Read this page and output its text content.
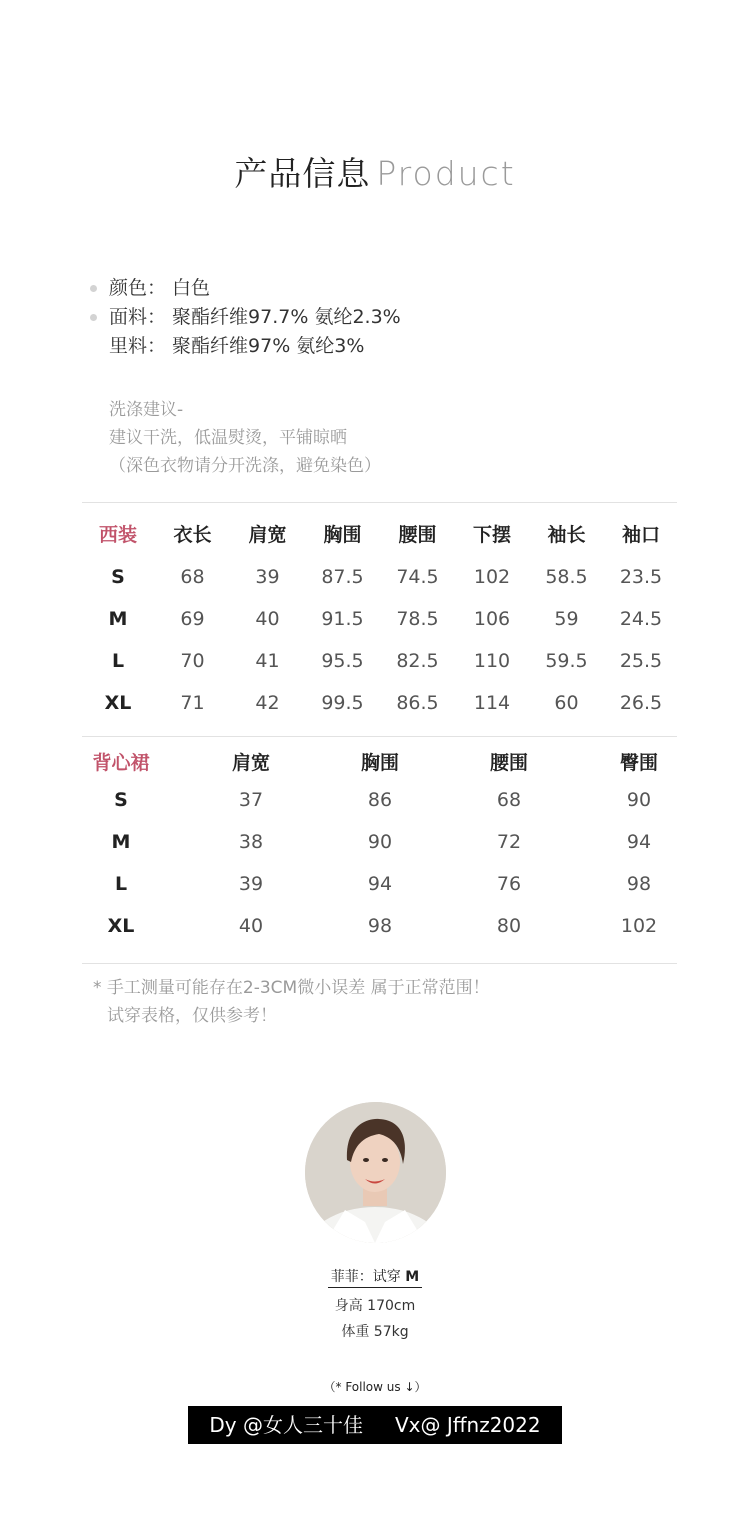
产品信息 Product
颜色： 白色
面料： 聚酯纤维97.7% 氨纶2.3%
里料： 聚酯纤维97% 氨纶3%
洗涤建议-
建议干洗，低温熨烫，平铺晾晒
（深色衣物请分开洗涤，避免染色）
西装	衣长	肩宽	胸围	腰围	下摆	袖长	袖口
S	68	39	87.5	74.5	102	58.5	23.5
M	69	40	91.5	78.5	106	59	24.5
L	70	41	95.5	82.5	110	59.5	25.5
XL	71	42	99.5	86.5	114	60	26.5
背心裙	肩宽	胸围	腰围	臀围
S	37	86	68	90
M	38	90	72	94
L	39	94	76	98
XL	40	98	80	102
* 手工测量可能存在2-3CM微小误差 属于正常范围！
试穿表格，仅供参考！
菲菲：试穿 M
身高 170cm
体重 57kg
（* Follow us ↓）
Dy @女人三十佳 Vx@ Jffnz2022
